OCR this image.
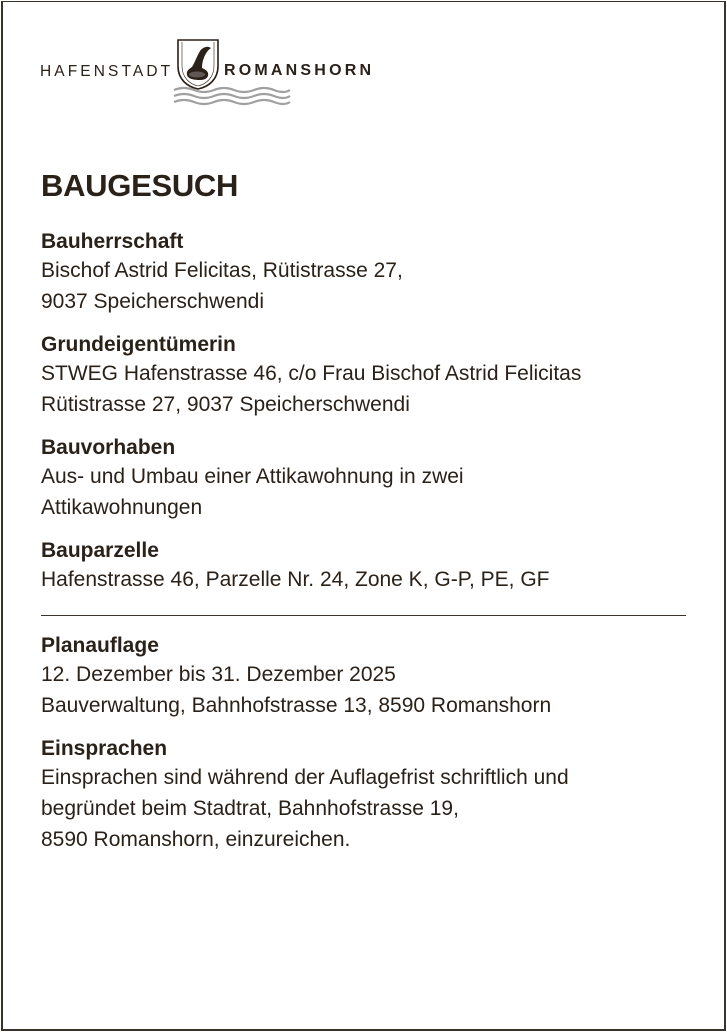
HAFENSTADT	ROMANSHORN
BAUGESUCH
Bauherrschaft
Bischof Astrid Felicitas, Rütistrasse 27,
9037 Speicherschwendi
Grundeigentümerin
STWEG Hafenstrasse 46, c/o Frau Bischof Astrid Felicitas
Rütistrasse 27, 9037 Speicherschwendi
Bauvorhaben
Aus- und Umbau einer Attikawohnung in zwei
Attikawohnungen
Bauparzelle
Hafenstrasse 46, Parzelle Nr. 24, Zone K, G-P, PE, GF
Planauflage
12. Dezember bis 31. Dezember 2025
Bauverwaltung, Bahnhofstrasse 13, 8590 Romanshorn
Einsprachen
Einsprachen sind während der Auflagefrist schriftlich und
begründet beim Stadtrat, Bahnhofstrasse 19,
8590 Romanshorn, einzureichen.
